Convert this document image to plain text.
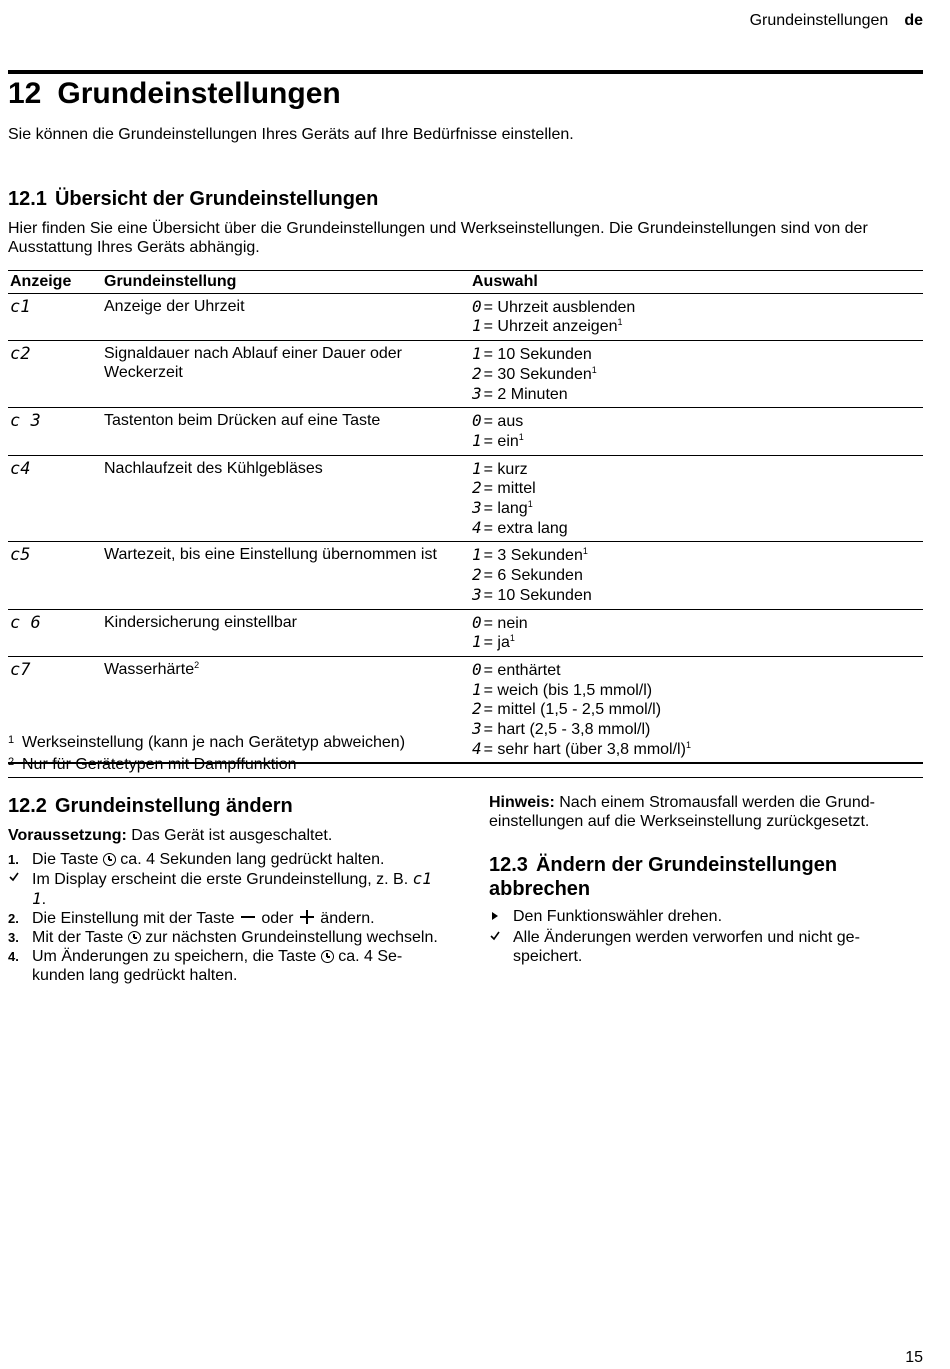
Grundeinstellungen de
12 Grundeinstellungen
Sie können die Grundeinstellungen Ihres Geräts auf Ihre Bedürfnisse einstellen.
12.1 Übersicht der Grundeinstellungen
Hier finden Sie eine Übersicht über die Grundeinstellungen und Werkseinstellungen. Die Grundeinstellungen sind von der Ausstattung Ihres Geräts abhängig.
Anzeige	Grundeinstellung	Auswahl
c1	Anzeige der Uhrzeit	0 = Uhrzeit ausblenden
1 = Uhrzeit anzeigen$^1$

c2	Signaldauer nach Ablauf einer Dauer oder Weckerzeit	1 = 10 Sekunden
2 = 30 Sekunden$^1$
3 = 2 Minuten

c 3	Tastenton beim Drücken auf eine Taste	0 = aus
1 = ein$^1$

c4	Nachlaufzeit des Kühlgebläses	1 = kurz
2 = mittel
3 = lang$^1$
4 = extra lang

c5	Wartezeit, bis eine Einstellung übernommen ist	1 = 3 Sekunden$^1$
2 = 6 Sekunden
3 = 10 Sekunden

c 6	Kindersicherung einstellbar	0 = nein
$1 = ja^1$

c7	Wasserhärte$^2$	0 = enthärtet
1 = weich (bis 1,5 mmol/l)
2 = mittel (1,5 - 2,5 mmol/l)
3 = hart (2,5 - 3,8 mmol/l)
4 = sehr hart (über 3,8 mmol/l)$^1$
1 Werkseinstellung (kann je nach Gerätetyp abweichen)
2 Nur für Gerätetypen mit Dampffunktion
12.2 Grundeinstellung ändern

Voraussetzung: Das Gerät ist ausgeschaltet.

1. Die Taste  ca. 4 Sekunden lang gedrückt halten.
Im Display erscheint die erste Grundeinstellung, z. B. c1 1.
2. Die Einstellung mit der Taste  oder  ändern.
3. Mit der Taste  zur nächsten Grundeinstellung wechseln.
4. Um Änderungen zu speichern, die Taste  ca. 4 Sekunden lang gedrückt halten.

Hinweis: Nach einem Stromausfall werden die Grundeinstellungen auf die Werkseinstellung zurückgesetzt.

12.3 Ändern der Grundeinstellungen abbrechen
Den Funktionswähler drehen.
Alle Änderungen werden verworfen und nicht gespeichert.
15
